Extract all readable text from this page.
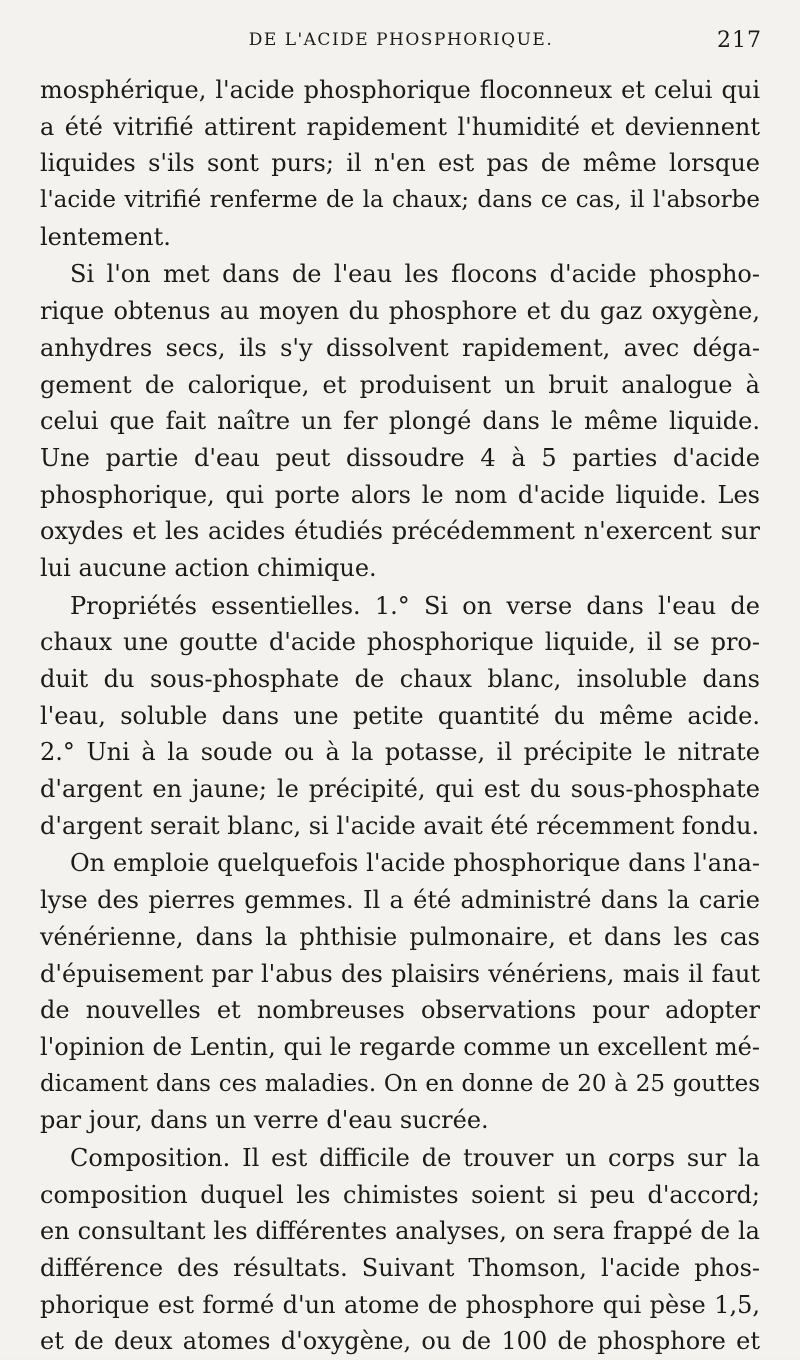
DE L'ACIDE PHOSPHORIQUE.	217
mosphérique, l'acide phosphorique floconneux et celui qui
a été vitrifié attirent rapidement l'humidité et deviennent
liquides s'ils sont purs; il n'en est pas de même lorsque
l'acide vitrifié renferme de la chaux; dans ce cas, il l'absorbe
lentement.
Si l'on met dans de l'eau les flocons d'acide phospho-
rique obtenus au moyen du phosphore et du gaz oxygène,
anhydres secs, ils s'y dissolvent rapidement, avec déga-
gement de calorique, et produisent un bruit analogue à
celui que fait naître un fer plongé dans le même liquide.
Une partie d'eau peut dissoudre 4 à 5 parties d'acide
phosphorique, qui porte alors le nom d'acide liquide. Les
oxydes et les acides étudiés précédemment n'exercent sur
lui aucune action chimique.
Propriétés essentielles. 1.° Si on verse dans l'eau de
chaux une goutte d'acide phosphorique liquide, il se pro-
duit du sous-phosphate de chaux blanc, insoluble dans
l'eau, soluble dans une petite quantité du même acide.
2.° Uni à la soude ou à la potasse, il précipite le nitrate
d'argent en jaune; le précipité, qui est du sous-phosphate
d'argent serait blanc, si l'acide avait été récemment fondu.
On emploie quelquefois l'acide phosphorique dans l'ana-
lyse des pierres gemmes. Il a été administré dans la carie
vénérienne, dans la phthisie pulmonaire, et dans les cas
d'épuisement par l'abus des plaisirs vénériens, mais il faut
de nouvelles et nombreuses observations pour adopter
l'opinion de Lentin, qui le regarde comme un excellent mé-
dicament dans ces maladies. On en donne de 20 à 25 gouttes
par jour, dans un verre d'eau sucrée.
Composition. Il est difficile de trouver un corps sur la
composition duquel les chimistes soient si peu d'accord;
en consultant les différentes analyses, on sera frappé de la
différence des résultats. Suivant Thomson, l'acide phos-
phorique est formé d'un atome de phosphore qui pèse 1,5,
et de deux atomes d'oxygène, ou de 100 de phosphore et
